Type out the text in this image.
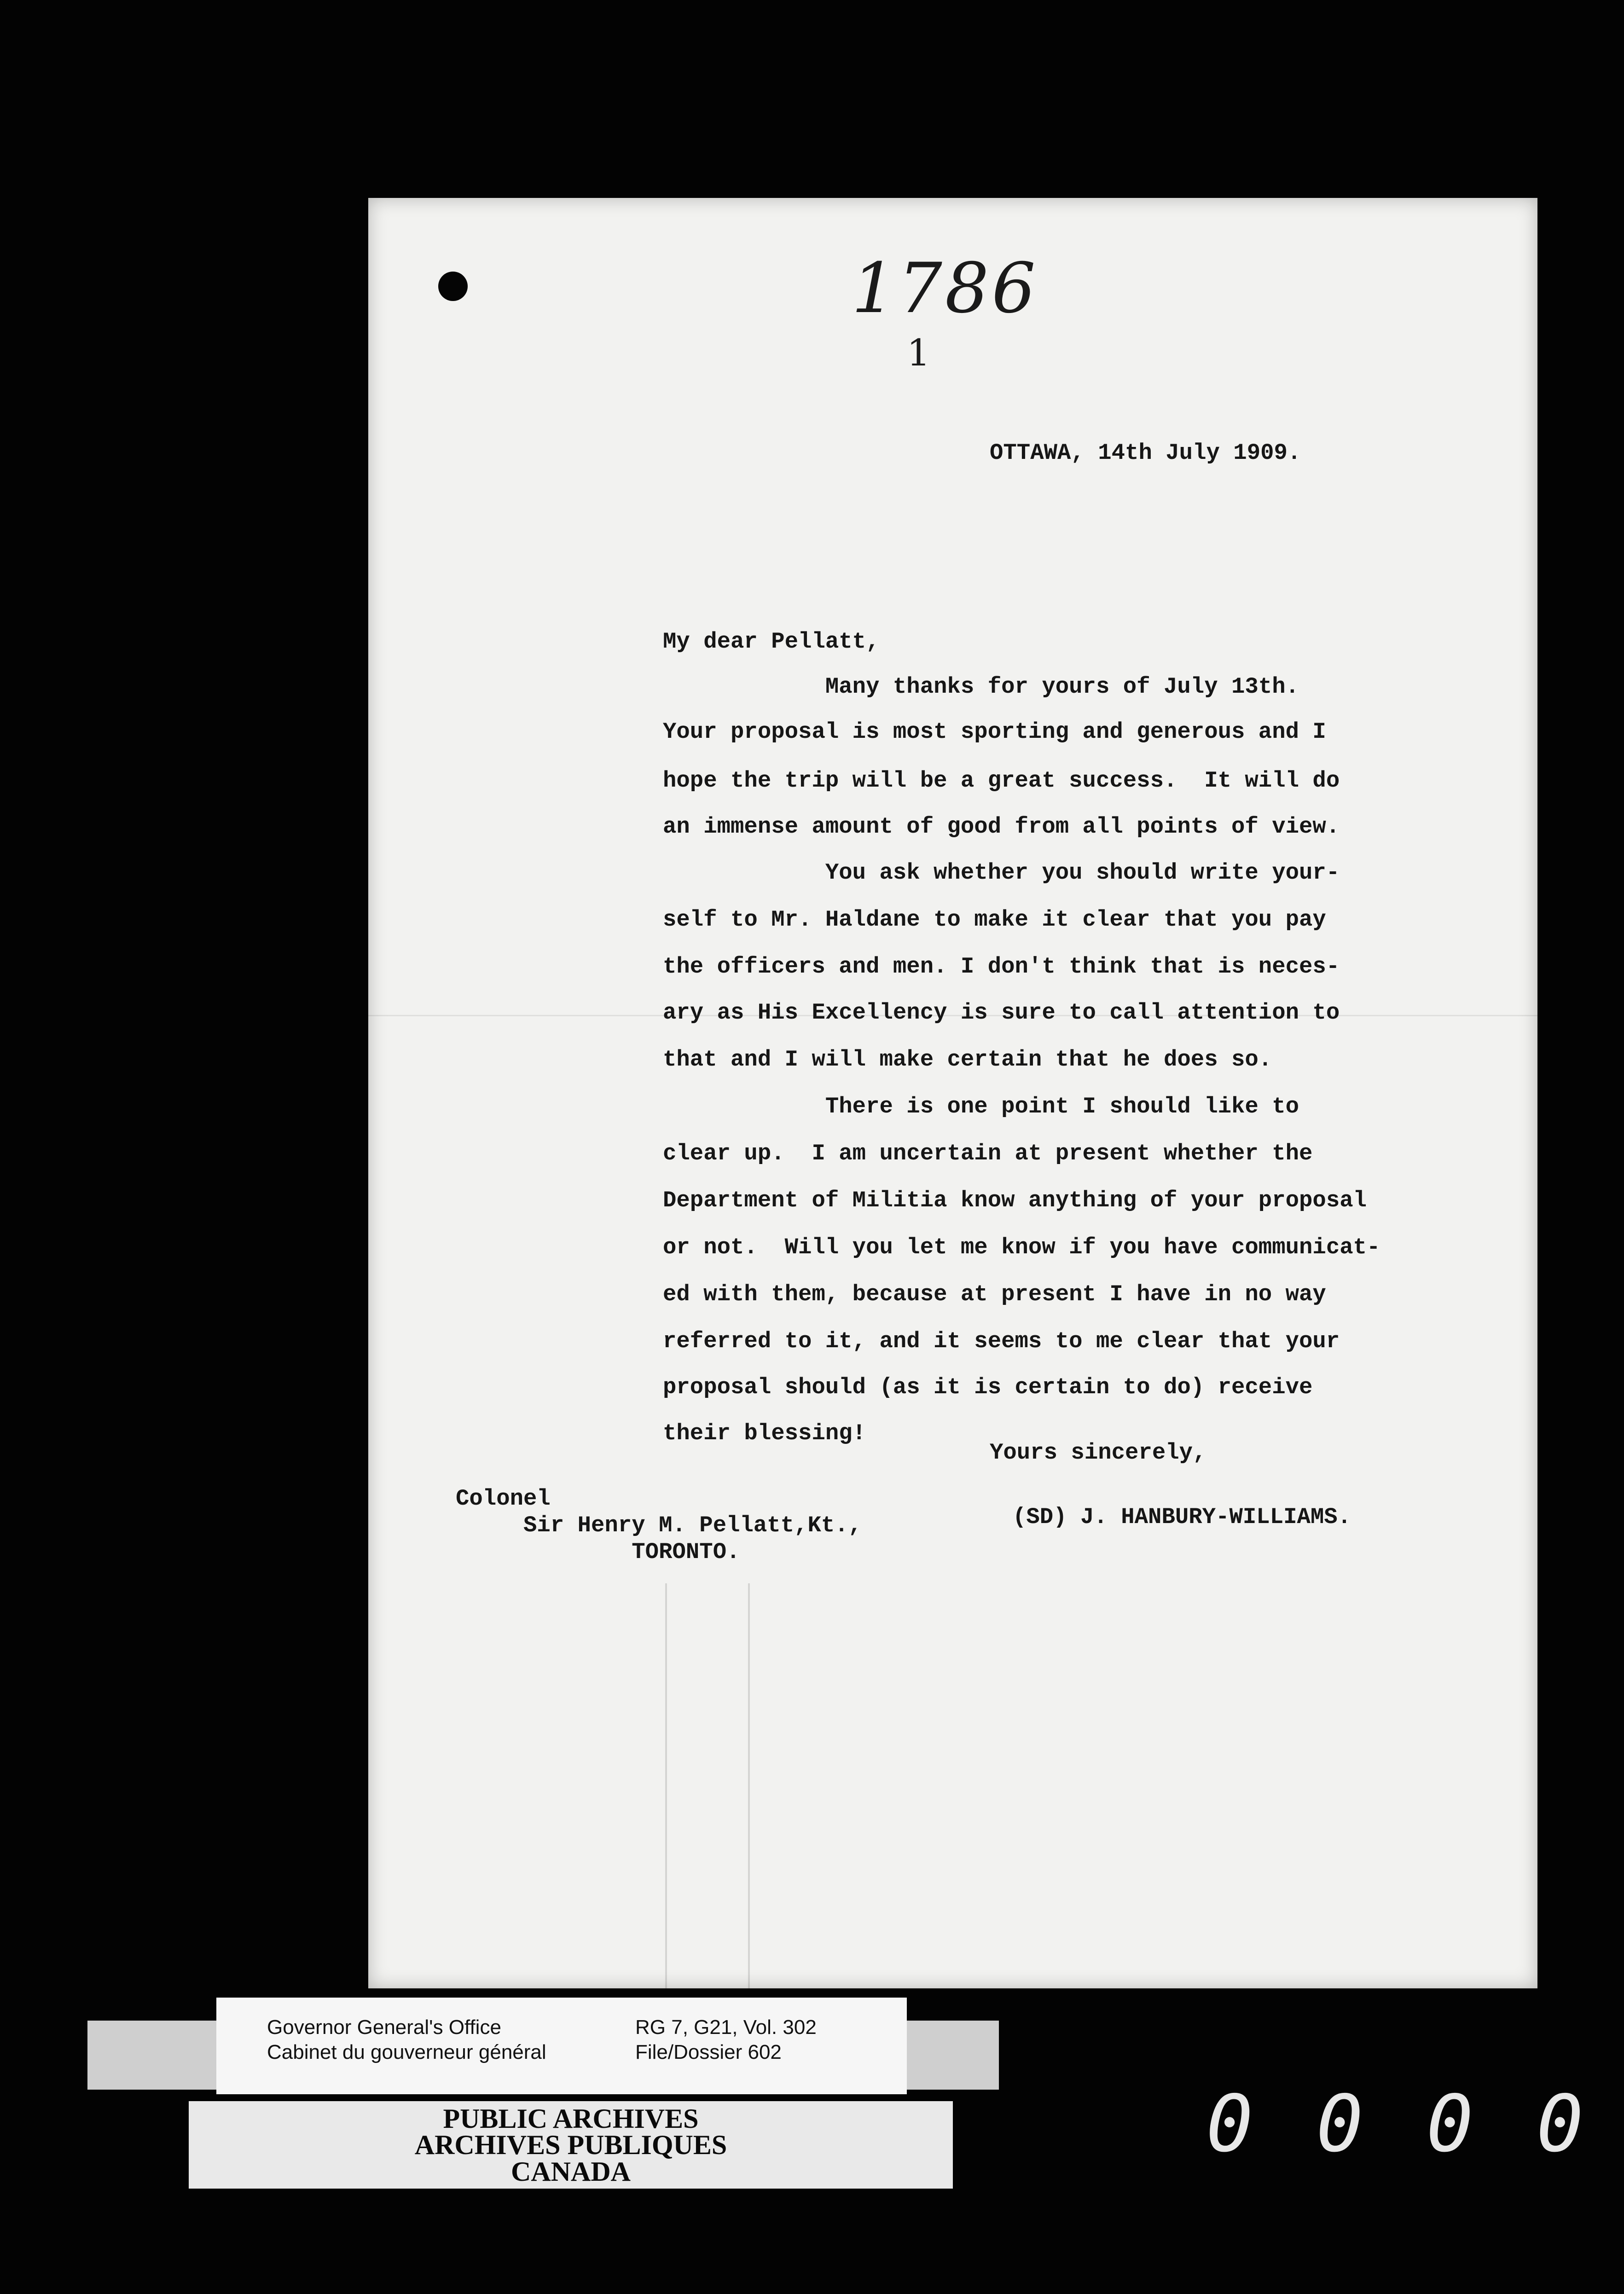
1786
1
OTTAWA, 14th July 1909.
My dear Pellatt,
Many thanks for yours of July 13th.
Your proposal is most sporting and generous and I
hope the trip will be a great success.  It will do
an immense amount of good from all points of view.
You ask whether you should write your-
self to Mr. Haldane to make it clear that you pay
the officers and men. I don't think that is neces-
ary as His Excellency is sure to call attention to
that and I will make certain that he does so.
There is one point I should like to
clear up.  I am uncertain at present whether the
Department of Militia know anything of your proposal
or not.  Will you let me know if you have communicat-
ed with them, because at present I have in no way
referred to it, and it seems to me clear that your
proposal should (as it is certain to do) receive
their blessing!
Yours sincerely,
Colonel
Sir Henry M. Pellatt,Kt.,
TORONTO.
(SD) J. HANBURY-WILLIAMS.
Governor General's Office
Cabinet du gouverneur général
RG 7, G21, Vol. 302
File/Dossier 602
PUBLIC ARCHIVES
ARCHIVES PUBLIQUES
CANADA
0 0 0 0
